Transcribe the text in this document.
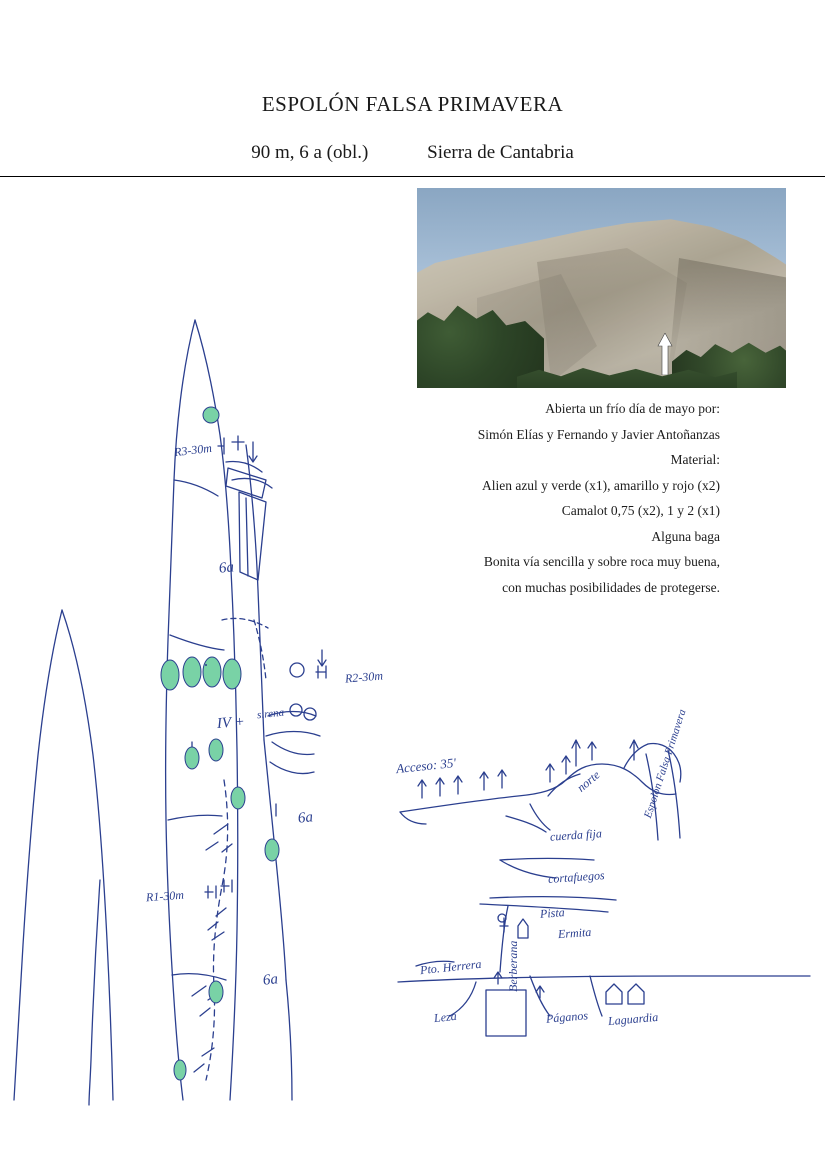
ESPOLÓN FALSA PRIMAVERA
90 m, 6 a (obl.)	Sierra de Cantabria
Abierta un frío día de mayo por:
Simón Elías y Fernando y Javier Antoñanzas
Material:
Alien azul y verde (x1), amarillo y rojo (x2)
Camalot 0,75 (x2), 1 y 2 (x1)
Alguna baga
Bonita vía sencilla y sobre roca muy buena,
con muchas posibilidades de protegerse.
R3-30m
R2-30m
R1-30m
6a
IV +
sirena
6a
6a
Acceso: 35'
cuerda fija
cortafuegos
Pista
Ermita
Pto. Herrera
Leza
Berberana
Páganos Laguardia
Espolón Falsa Primavera
norte
